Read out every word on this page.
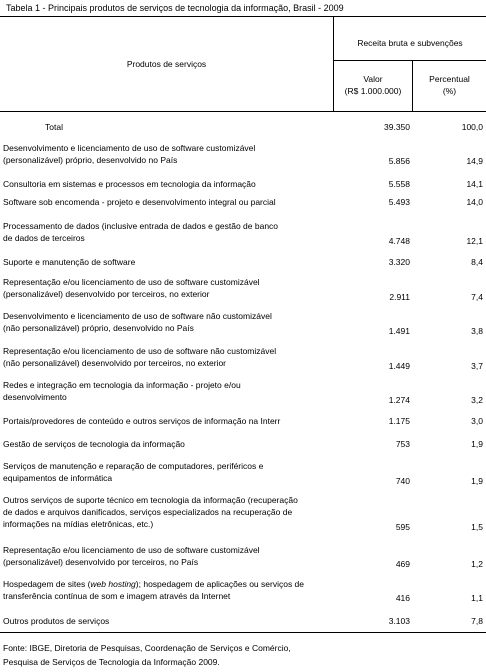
Tabela 1 - Principais produtos de serviços de tecnologia da informação, Brasil - 2009
Produtos de serviços
Receita bruta e subvenções
Valor
(R$ 1.000.000)
Percentual
(%)
Total	39.350	100,0
Desenvolvimento e licenciamento de uso de software customizável
(personalizável) próprio, desenvolvido no País	5.856	14,9
Consultoria em sistemas e processos em tecnologia da informação	5.558	14,1
Software sob encomenda - projeto e desenvolvimento integral ou parcial	5.493	14,0
Processamento de dados (inclusive entrada de dados e gestão de banco
de dados de terceiros	4.748	12,1
Suporte e manutenção de software	3.320	8,4
Representação e/ou licenciamento de uso de software customizável
(personalizável) desenvolvido por terceiros, no exterior	2.911	7,4
Desenvolvimento e licenciamento de uso de software não customizável
(não personalizável) próprio, desenvolvido no País	1.491	3,8
Representação e/ou licenciamento de uso de software não customizável
(não personalizável) desenvolvido por terceiros, no exterior	1.449	3,7
Redes e integração em tecnologia da informação - projeto e/ou
desenvolvimento	1.274	3,2
Portais/provedores de conteúdo e outros serviços de informação na Interr	1.175	3,0
Gestão de serviços de tecnologia da informação	753	1,9
Serviços de manutenção e reparação de computadores, periféricos e
equipamentos de informática	740	1,9
Outros serviços de suporte técnico em tecnologia da informação (recuperação
de dados e arquivos danificados, serviços especializados na recuperação de
informações na mídias eletrônicas, etc.)	595	1,5
Representação e/ou licenciamento de uso de software customizável
(personalizável) desenvolvido por terceiros, no País	469	1,2
Hospedagem de sites (web hosting); hospedagem de aplicações ou serviços de
transferência contínua de som e imagem através da Internet	416	1,1
Outros produtos de serviços	3.103	7,8
Fonte: IBGE, Diretoria de Pesquisas, Coordenação de Serviços e Comércio,
Pesquisa de Serviços de Tecnologia da Informação 2009.
